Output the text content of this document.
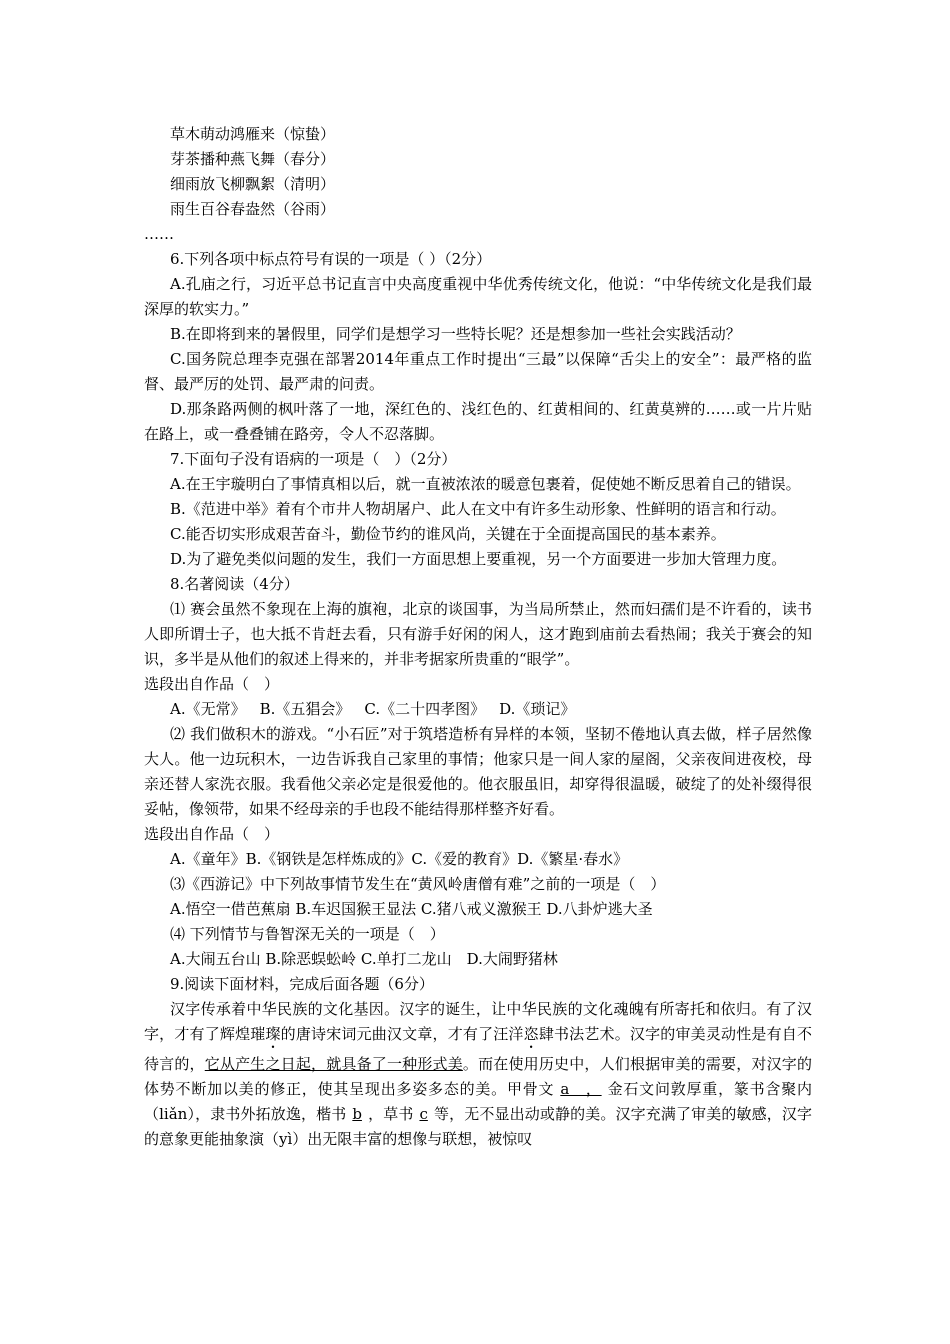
草木萌动鸿雁来（惊蛰）

芽茶播种燕飞舞（春分）

细雨放飞柳飘絮（清明）

雨生百谷春盎然（谷雨）

……

6.下列各项中标点符号有误的一项是（ ）（2分）

A.孔庙之行，习近平总书记直言中央高度重视中华优秀传统文化，他说：“中华传统文化是我们最深厚的软实力。”

B.在即将到来的暑假里，同学们是想学习一些特长呢？还是想参加一些社会实践活动？

C.国务院总理李克强在部署2014年重点工作时提出“三最”以保障“舌尖上的安全”：最严格的监督、最严厉的处罚、最严肃的问责。

D.那条路两侧的枫叶落了一地，深红色的、浅红色的、红黄相间的、红黄莫辨的……或一片片贴在路上，或一叠叠铺在路旁，令人不忍落脚。

7.下面句子没有语病的一项是（　）（2分）

A.在王宇璇明白了事情真相以后，就一直被浓浓的暖意包裹着，促使她不断反思着自己的错误。

B.《范进中举》着有个市井人物胡屠户、此人在文中有许多生动形象、性鲜明的语言和行动。

C.能否切实形成艰苦奋斗，勤俭节约的谁风尚，关键在于全面提高国民的基本素养。

D.为了避免类似问题的发生，我们一方面思想上要重视，另一个方面要进一步加大管理力度。

8.名著阅读（4分）

⑴ 赛会虽然不象现在上海的旗袍，北京的谈国事，为当局所禁止，然而妇孺们是不许看的，读书人即所谓士子，也大抵不肯赶去看，只有游手好闲的闲人，这才跑到庙前去看热闹；我关于赛会的知识，多半是从他们的叙述上得来的，并非考据家所贵重的“眼学”。

选段出自作品（　）

A.《无常》 B.《五猖会》 C.《二十四孝图》 D.《琐记》

⑵ 我们做积木的游戏。“小石匠”对于筑塔造桥有异样的本领，坚韧不倦地认真去做，样子居然像大人。他一边玩积木，一边告诉我自己家里的事情；他家只是一间人家的屋阁，父亲夜间进夜校，母亲还替人家洗衣服。我看他父亲必定是很爱他的。他衣服虽旧，却穿得很温暖，破绽了的处补缀得很妥帖，像领带，如果不经母亲的手也段不能结得那样整齐好看。

选段出自作品（　）

A.《童年》B.《钢铁是怎样炼成的》C.《爱的教育》D.《繁星·春水》

⑶《西游记》中下列故事情节发生在“黄风岭唐僧有难”之前的一项是（　）

A.悟空一借芭蕉扇 B.车迟国猴王显法 C.猪八戒义激猴王 D.八卦炉逃大圣

⑷ 下列情节与鲁智深无关的一项是（　）

A.大闹五台山 B.除恶蜈蚣岭 C.单打二龙山　D.大闹野猪林

9.阅读下面材料，完成后面各题（6分）

汉字传承着中华民族的文化基因。汉字的诞生，让中华民族的文化魂魄有所寄托和依归。有了汉字，才有了辉煌璀璨的唐诗宋词元曲汉文章，才有了汪洋恣肆书法艺术。汉字的审美灵动性是有自不待言的，它从产生之日起，就具备了一种形式美。而在使用历史中，人们根据审美的需要，对汉字的体势不断加以美的修正，使其呈现出多姿多态的美。甲骨文 a　， 金石文问敦厚重，篆书含聚内（liǎn），隶书外拓放逸，楷书 b ，草书 c 等，无不显出动或静的美。汉字充满了审美的敏感，汉字的意象更能抽象演（yì）出无限丰富的想像与联想，被惊叹
